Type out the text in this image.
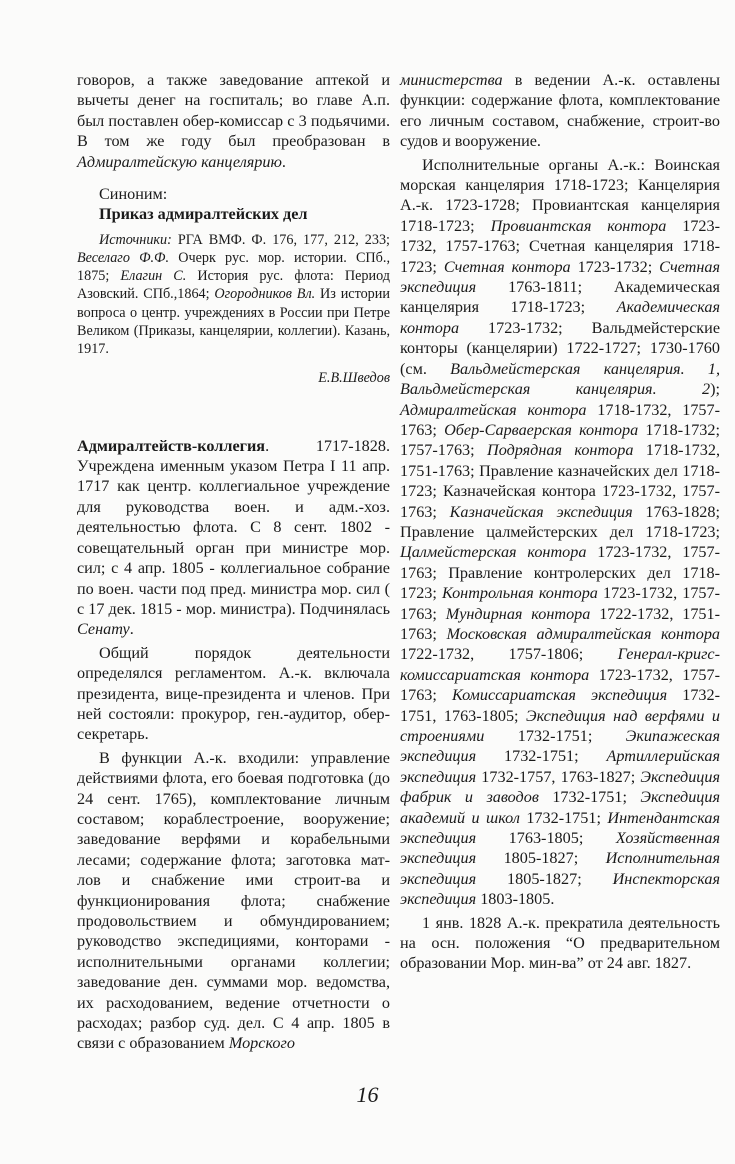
говоров, а также заведование аптекой и вычеты денег на госпиталь; во главе А.п. был поставлен обер-комиссар с 3 подьячими. В том же году был преобразован в Адмиралтейскую канцелярию.

Синоним:

Приказ адмиралтейских дел

Источники: РГА ВМФ. Ф. 176, 177, 212, 233; Веселаго Ф.Ф. Очерк рус. мор. истории. СПб., 1875; Елагин С. История рус. флота: Период Азовский. СПб.,1864; Огородников Вл. Из истории вопроса о центр. учреждениях в России при Петре Великом (Приказы, канцелярии, коллегии). Казань, 1917.

Е.В.Шведов

Адмиралтейств-коллегия. 1717-1828. Учреждена именным указом Петра I 11 апр. 1717 как центр. коллегиальное учреждение для руководства воен. и адм.-хоз. деятельностью флота. С 8 сент. 1802 - совещательный орган при министре мор. сил; с 4 апр. 1805 - коллегиальное собрание по воен. части под пред. министра мор. сил ( с 17 дек. 1815 - мор. министра). Подчинялась Сенату.

Общий порядок деятельности определялся регламентом. А.-к. включала президента, вице-президента и членов. При ней состояли: прокурор, ген.-аудитор, обер-секретарь.

В функции А.-к. входили: управление действиями флота, его боевая подготовка (до 24 сент. 1765), комплектование личным составом; кораблестроение, вооружение; заведование верфями и корабельными лесами; содержание флота; заготовка мат-лов и снабжение ими строит-ва и функционирования флота; снабжение продовольствием и обмундированием; руководство экспедициями, конторами - исполнительными органами коллегии; заведование ден. суммами мор. ведомства, их расходованием, ведение отчетности о расходах; разбор суд. дел. С 4 апр. 1805 в связи с образованием Морского

министерства в ведении А.-к. оставлены функции: содержание флота, комплектование его личным составом, снабжение, строит-во судов и вооружение.

Исполнительные органы А.-к.: Воинская морская канцелярия 1718-1723; Канцелярия А.-к. 1723-1728; Провиантская канцелярия 1718-1723; Провиантская контора 1723-1732, 1757-1763; Счетная канцелярия 1718-1723; Счетная контора 1723-1732; Счетная экспедиция 1763-1811; Академическая канцелярия 1718-1723; Академическая контора 1723-1732; Вальдмейстерские конторы (канцелярии) 1722-1727; 1730-1760 (см. Вальдмейстерская канцелярия. 1, Вальдмейстерская канцелярия. 2); Адмиралтейская контора 1718-1732, 1757-1763; Обер-Сарваерская контора 1718-1732; 1757-1763; Подрядная контора 1718-1732, 1751-1763; Правление казначейских дел 1718-1723; Казначейская контора 1723-1732, 1757-1763; Казначейская экспедиция 1763-1828; Правление цалмейстерских дел 1718-1723; Цалмейстерская контора 1723-1732, 1757-1763; Правление контролерских дел 1718-1723; Контрольная контора 1723-1732, 1757-1763; Мундирная контора 1722-1732, 1751-1763; Московская адмиралтейская контора 1722-1732, 1757-1806; Генерал-кригс-комиссариатская контора 1723-1732, 1757-1763; Комиссариатская экспедиция 1732-1751, 1763-1805; Экспедиция над верфями и строениями 1732-1751; Экипажеская экспедиция 1732-1751; Артиллерийская экспедиция 1732-1757, 1763-1827; Экспедиция фабрик и заводов 1732-1751; Экспедиция академий и школ 1732-1751; Интендантская экспедиция 1763-1805; Хозяйственная экспедиция 1805-1827; Исполнительная экспедиция 1805-1827; Инспекторская экспедиция 1803-1805.

1 янв. 1828 А.-к. прекратила деятельность на осн. положения “О предварительном образовании Мор. мин-ва” от 24 авг. 1827.

16
